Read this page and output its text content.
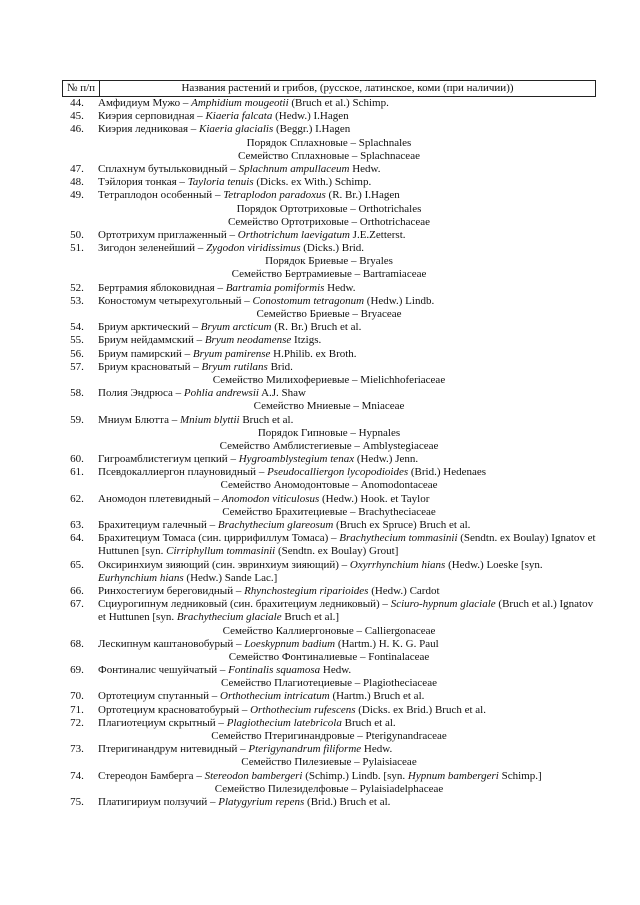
№ п/п	Названия растений и грибов, (русское, латинское, коми (при наличии))
44.	Амфидиум Мужо – Amphidium mougeotii (Bruch et al.) Schimp.
45.	Киэрия серповидная – Kiaeria falcata (Hedw.) I.Hagen
46.	Киэрия ледниковая – Kiaeria glacialis (Beggr.) I.Hagen
Порядок Сплахновые – Splachnales
Семейство Сплахновые – Splachnaceae
47.	Сплахнум бутыльковидный – Splachnum ampullaceum Hedw.
48.	Тэйлория тонкая – Tayloria tenuis (Dicks. ex With.) Schimp.
49.	Тетраплодон особенный – Tetraplodon paradoxus (R. Br.) I.Hagen
Порядок Ортотриховые – Orthotrichales
Семейство Ортотриховые – Orthotrichaceae
50.	Ортотрихум приглаженный – Orthotrichum laevigatum J.E.Zetterst.
51.	Зигодон зеленейший – Zygodon viridissimus (Dicks.) Brid.
Порядок Бриевые – Bryales
Семейство Бертрамиевые – Bartramiaceae
52.	Бертрамия яблоковидная – Bartramia pomiformis Hedw.
53.	Коностомум четырехугольный – Conostomum tetragonum (Hedw.) Lindb.
Семейство Бриевые – Bryaceae
54.	Бриум арктический – Bryum arcticum (R. Br.) Bruch et al.
55.	Бриум нейдаммский – Bryum neodamense Itzigs.
56.	Бриум памирский – Bryum pamirense H.Philib. ex Broth.
57.	Бриум красноватый – Bryum rutilans Brid.
Семейство Милихофериевые – Mielichhoferiaceae
58.	Полия Эндрюса – Pohlia andrewsii A.J. Shaw
Семейство Мниевые – Mniaceae
59.	Мниум Блютта – Mnium blyttii Bruch et al.
Порядок Гипновые – Hypnales
Семейство Амблистегиевые – Amblystegiaceae
60.	Гигроамблистегиум цепкий – Hygroamblystegium tenax (Hedw.) Jenn.
61.	Псевдокаллиергон плауновидный – Pseudocalliergon lycopodioides (Brid.) Hedenaes
Семейство Аномодонтовые – Anomodontaceae
62.	Аномодон плетевидный – Anomodon viticulosus (Hedw.) Hook. et Taylor
Семейство Брахитециевые – Brachytheciaceae
63.	Брахитециум галечный – Brachythecium glareosum (Bruch ex Spruce) Bruch et al.
64.	Брахитециум Томаса (син. циррифиллум Томаса) – Brachythecium tommasinii (Sendtn. ex Boulay) Ignatov et Huttunen [syn. Cirriphyllum tommasinii (Sendtn. ex Boulay) Grout]
65.	Оксиринхиум зияющий (син. эвринхиум зияющий) – Oxyrrhynchium hians (Hedw.) Loeske [syn. Eurhynchium hians (Hedw.) Sande Lac.]
66.	Ринхостегиум береговидный – Rhynchostegium riparioides (Hedw.) Cardot
67.	Сциурогипнум ледниковый (син. брахитециум ледниковый) – Sciuro-hypnum glaciale (Bruch et al.) Ignatov et Huttunen [syn. Brachythecium glaciale Bruch et al.]
Семейство Каллиергоновые – Calliergonaceae
68.	Лескипнум каштановобурый – Loeskypnum badium (Hartm.) H. K. G. Paul
Семейство Фонтиналиевые – Fontinalaceae
69.	Фонтиналис чешуйчатый – Fontinalis squamosa Hedw.
Семейство Плагиотециевые – Plagiotheciaceae
70.	Ортотециум спутанный – Orthothecium intricatum (Hartm.) Bruch et al.
71.	Ортотециум красноватобурый – Orthothecium rufescens (Dicks. ex Brid.) Bruch et al.
72.	Плагиотециум скрытный – Plagiothecium latebricola Bruch et al.
Семейство Птеригинандровые – Pterigynandraceae
73.	Птеригинандрум нитевидный – Pterigynandrum filiforme Hedw.
Семейство Пилезиевые – Pylaisiaceae
74.	Стереодон Бамберга – Stereodon bambergeri (Schimp.) Lindb. [syn. Hypnum bambergeri Schimp.]
Семейство Пилезиделфовые – Pylaisiadelphaceae
75.	Платигириум ползучий – Platygyrium repens (Brid.) Bruch et al.
